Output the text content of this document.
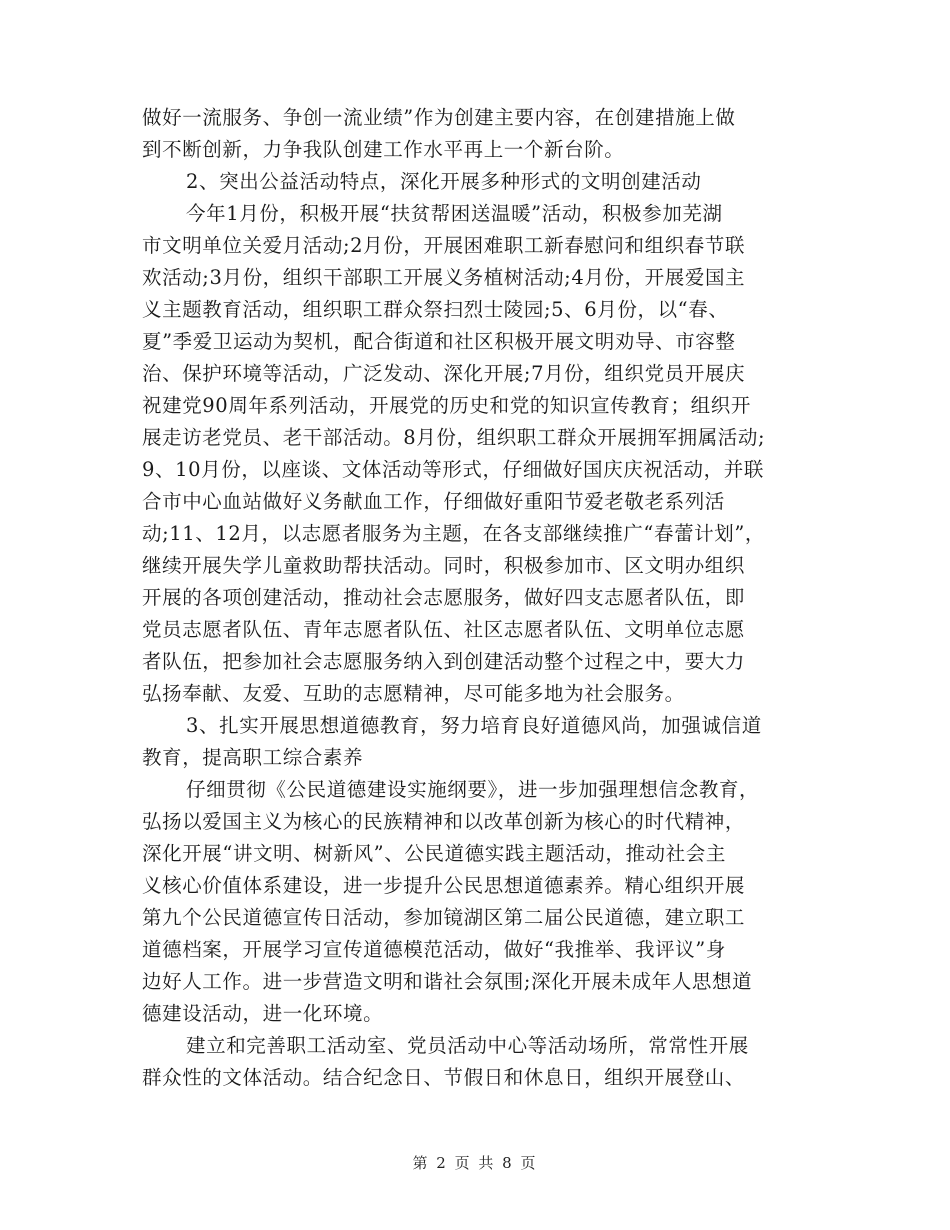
做好一流服务、争创一流业绩”作为创建主要内容，在创建措施上做
到不断创新，力争我队创建工作水平再上一个新台阶。
2、突出公益活动特点，深化开展多种形式的文明创建活动
今年1月份，积极开展“扶贫帮困送温暖”活动，积极参加芜湖
市文明单位关爱月活动;2月份，开展困难职工新春慰问和组织春节联
欢活动;3月份，组织干部职工开展义务植树活动;4月份，开展爱国主
义主题教育活动，组织职工群众祭扫烈士陵园;5、6月份，以“春、
夏”季爱卫运动为契机，配合街道和社区积极开展文明劝导、市容整
治、保护环境等活动，广泛发动、深化开展;7月份，组织党员开展庆
祝建党90周年系列活动，开展党的历史和党的知识宣传教育；组织开
展走访老党员、老干部活动。8月份，组织职工群众开展拥军拥属活动;
9、10月份，以座谈、文体活动等形式，仔细做好国庆庆祝活动，并联
合市中心血站做好义务献血工作，仔细做好重阳节爱老敬老系列活
动;11、12月，以志愿者服务为主题，在各支部继续推广“春蕾计划”，
继续开展失学儿童救助帮扶活动。同时，积极参加市、区文明办组织
开展的各项创建活动，推动社会志愿服务，做好四支志愿者队伍，即
党员志愿者队伍、青年志愿者队伍、社区志愿者队伍、文明单位志愿
者队伍，把参加社会志愿服务纳入到创建活动整个过程之中，要大力
弘扬奉献、友爱、互助的志愿精神，尽可能多地为社会服务。
3、扎实开展思想道德教育，努力培育良好道德风尚，加强诚信道
教育，提高职工综合素养
仔细贯彻《公民道德建设实施纲要》，进一步加强理想信念教育，
弘扬以爱国主义为核心的民族精神和以改革创新为核心的时代精神，
深化开展“讲文明、树新风”、公民道德实践主题活动，推动社会主
义核心价值体系建设，进一步提升公民思想道德素养。精心组织开展
第九个公民道德宣传日活动，参加镜湖区第二届公民道德，建立职工
道德档案，开展学习宣传道德模范活动，做好“我推举、我评议”身
边好人工作。进一步营造文明和谐社会氛围;深化开展未成年人思想道
德建设活动，进一化环境。
建立和完善职工活动室、党员活动中心等活动场所，常常性开展
群众性的文体活动。结合纪念日、节假日和休息日，组织开展登山、
第 2 页 共 8 页
